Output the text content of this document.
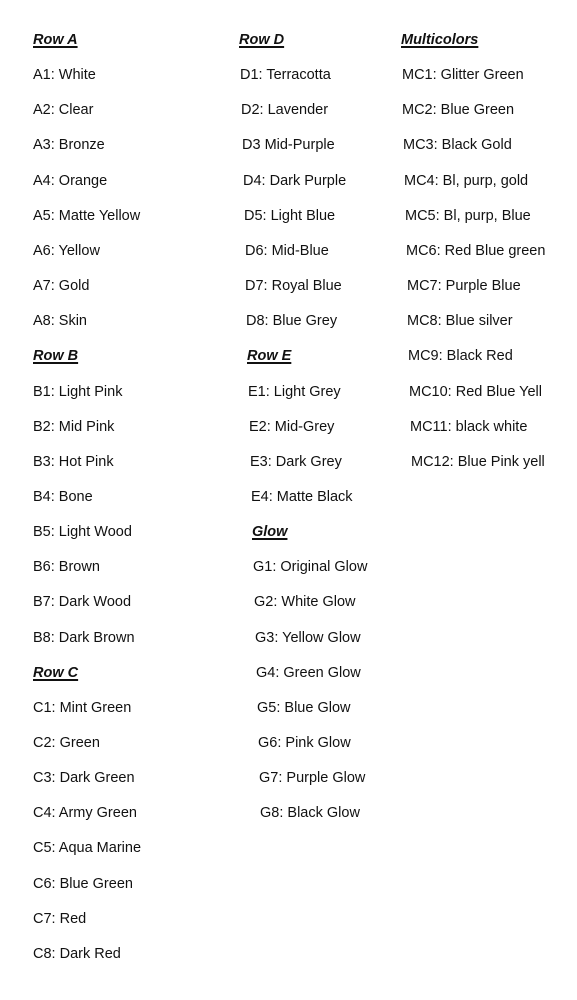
Row A
A1: White
A2: Clear
A3: Bronze
A4: Orange
A5: Matte Yellow
A6: Yellow
A7: Gold
A8: Skin
Row B
B1: Light Pink
B2: Mid Pink
B3: Hot Pink
B4: Bone
B5: Light Wood
B6: Brown
B7: Dark Wood
B8: Dark Brown
Row C
C1: Mint Green
C2: Green
C3: Dark Green
C4: Army Green
C5: Aqua Marine
C6: Blue Green
C7: Red
C8: Dark Red
Row D
D1: Terracotta
D2: Lavender
D3 Mid-Purple
D4: Dark Purple
D5: Light Blue
D6: Mid-Blue
D7: Royal Blue
D8: Blue Grey
Row E
E1: Light Grey
E2: Mid-Grey
E3: Dark Grey
E4: Matte Black
Glow
G1: Original Glow
G2: White Glow
G3: Yellow Glow
G4: Green Glow
G5: Blue Glow
G6: Pink Glow
G7: Purple Glow
G8: Black Glow
Multicolors
MC1: Glitter Green
MC2: Blue Green
MC3: Black Gold
MC4: Bl, purp, gold
MC5: Bl, purp, Blue
MC6: Red Blue green
MC7: Purple Blue
MC8: Blue silver
MC9: Black Red
MC10: Red Blue Yell
MC11: black white
MC12: Blue Pink yell
